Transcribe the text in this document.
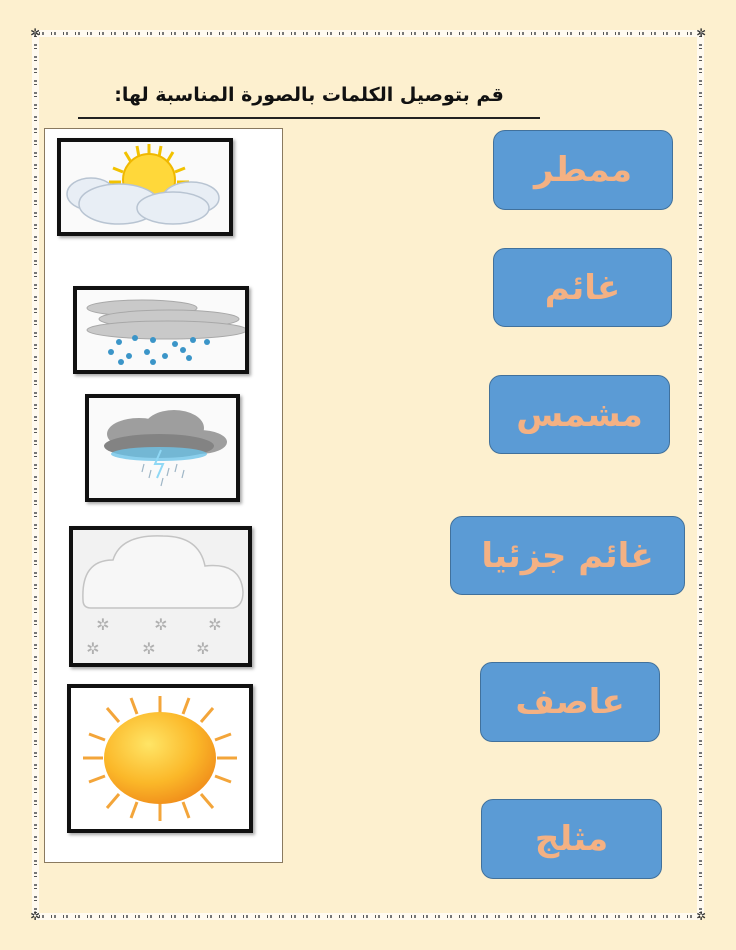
✲	✲
✲	✲
قم بتوصيل الكلمات بالصورة المناسبة لها:
✲	✲	✲
✲	✲	✲
ممطر
غائم
مشمس
غائم جزئيا
عاصف
مثلج
